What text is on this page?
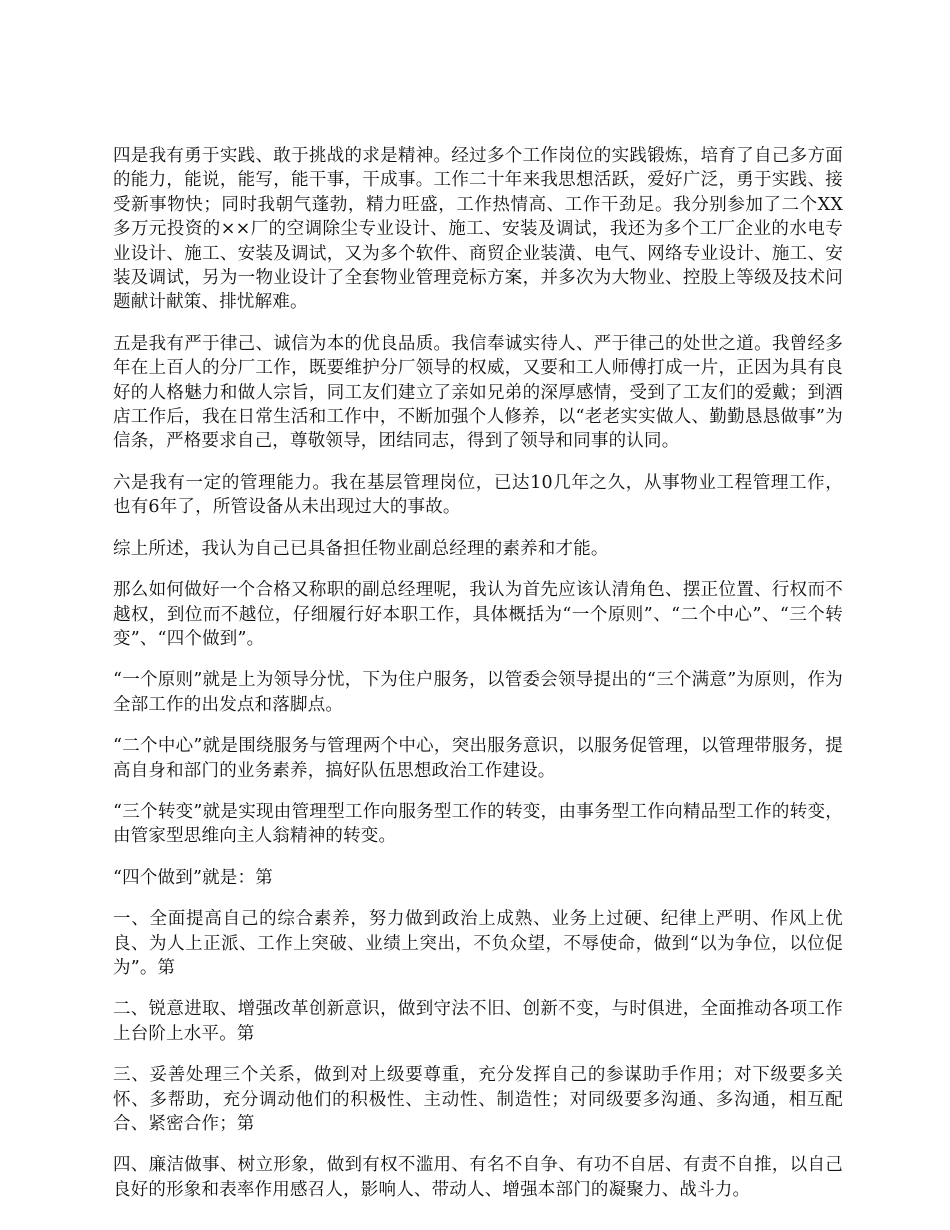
四是我有勇于实践、敢于挑战的求是精神。经过多个工作岗位的实践锻炼，培育了自己多方面的能力，能说，能写，能干事，干成事。工作二十年来我思想活跃，爱好广泛，勇于实践、接受新事物快；同时我朝气蓬勃，精力旺盛，工作热情高、工作干劲足。我分别参加了二个XX多万元投资的××厂的空调除尘专业设计、施工、安装及调试，我还为多个工厂企业的水电专业设计、施工、安装及调试，又为多个软件、商贸企业装潢、电气、网络专业设计、施工、安装及调试，另为一物业设计了全套物业管理竞标方案，并多次为大物业、控股上等级及技术问题献计献策、排忧解难。

五是我有严于律己、诚信为本的优良品质。我信奉诚实待人、严于律己的处世之道。我曾经多年在上百人的分厂工作，既要维护分厂领导的权威，又要和工人师傅打成一片，正因为具有良好的人格魅力和做人宗旨，同工友们建立了亲如兄弟的深厚感情，受到了工友们的爱戴；到酒店工作后，我在日常生活和工作中，不断加强个人修养，以“老老实实做人、勤勤恳恳做事”为信条，严格要求自己，尊敬领导，团结同志，得到了领导和同事的认同。

六是我有一定的管理能力。我在基层管理岗位，已达10几年之久，从事物业工程管理工作，也有6年了，所管设备从未出现过大的事故。

综上所述，我认为自己已具备担任物业副总经理的素养和才能。

那么如何做好一个合格又称职的副总经理呢，我认为首先应该认清角色、摆正位置、行权而不越权，到位而不越位，仔细履行好本职工作，具体概括为“一个原则”、“二个中心”、“三个转变”、“四个做到”。

“一个原则”就是上为领导分忧，下为住户服务，以管委会领导提出的“三个满意”为原则，作为全部工作的出发点和落脚点。

“二个中心”就是围绕服务与管理两个中心，突出服务意识，以服务促管理，以管理带服务，提高自身和部门的业务素养，搞好队伍思想政治工作建设。

“三个转变”就是实现由管理型工作向服务型工作的转变，由事务型工作向精品型工作的转变，由管家型思维向主人翁精神的转变。

“四个做到”就是：第

一、全面提高自己的综合素养，努力做到政治上成熟、业务上过硬、纪律上严明、作风上优良、为人上正派、工作上突破、业绩上突出，不负众望，不辱使命，做到“以为争位，以位促为”。第

二、锐意进取、增强改革创新意识，做到守法不旧、创新不变，与时俱进，全面推动各项工作上台阶上水平。第

三、妥善处理三个关系，做到对上级要尊重，充分发挥自己的参谋助手作用；对下级要多关怀、多帮助，充分调动他们的积极性、主动性、制造性；对同级要多沟通、多沟通，相互配合、紧密合作；第

四、廉洁做事、树立形象，做到有权不滥用、有名不自争、有功不自居、有责不自推，以自己良好的形象和表率作用感召人，影响人、带动人、增强本部门的凝聚力、战斗力。
